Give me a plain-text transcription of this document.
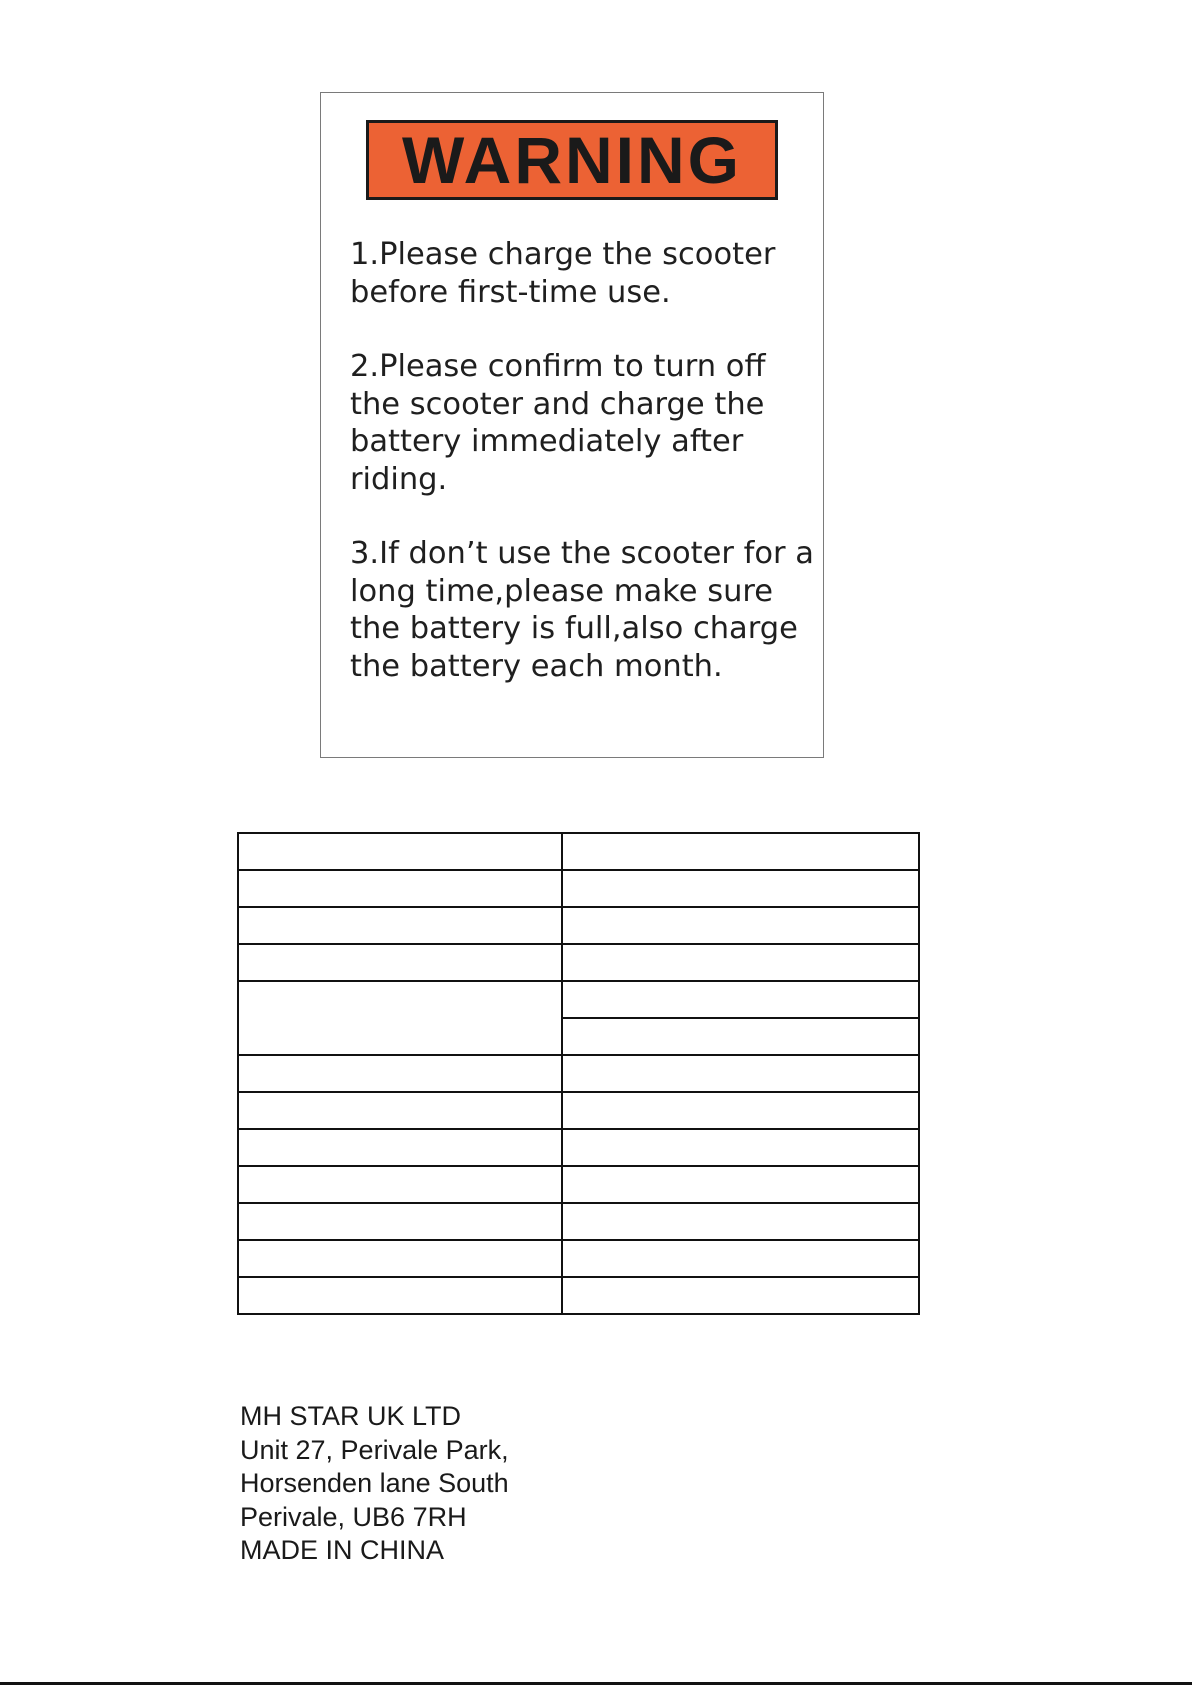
WARNING

1.Please charge the scooter before first-time use.

2.Please confirm to turn off the scooter and charge the battery immediately after riding.

3.If don’t use the scooter for a long time,please make sure the battery is full,also charge the battery each month.

MH STAR UK LTD
Unit 27, Perivale Park,
Horsenden lane South
Perivale, UB6 7RH
MADE IN CHINA
